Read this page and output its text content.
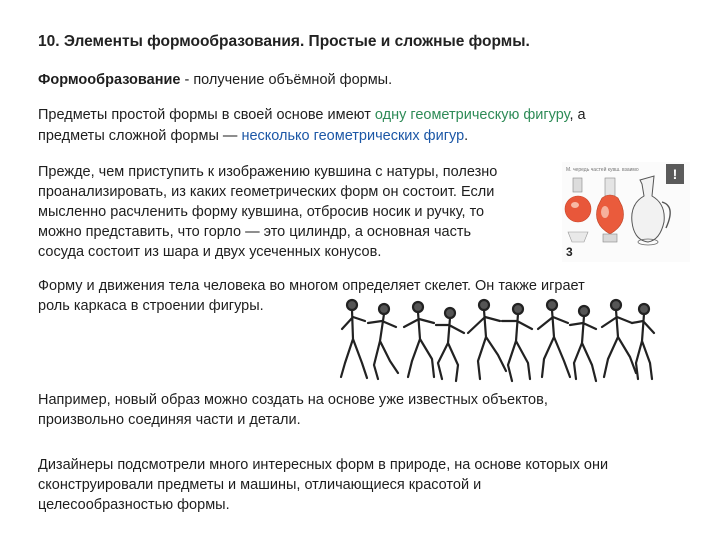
10. Элементы формообразования. Простые и сложные формы.
Формообразование - получение объёмной формы.
Предметы простой формы в своей основе имеют одну геометрическую фигуру, а
предметы сложной формы — несколько геометрических фигур.
Прежде, чем приступить к изображению кувшина с натуры, полезно
проанализировать, из каких геометрических форм он состоит. Если
мысленно расчленить форму кувшина, отбросив носик и ручку, то
можно представить, что горло — это цилиндр, а основная часть
сосуда состоит из шара и двух усеченных конусов.
М. чередь частей кувш. взаимо !
3
Форму и движения тела человека во многом определяет скелет. Он также играет
роль каркаса в строении фигуры.
Например, новый образ можно создать на основе уже известных объектов,
произвольно соединяя части и детали.
Дизайнеры подсмотрели много интересных форм в природе, на основе которых они
сконструировали предметы и машины, отличающиеся красотой и
целесообразностью формы.
